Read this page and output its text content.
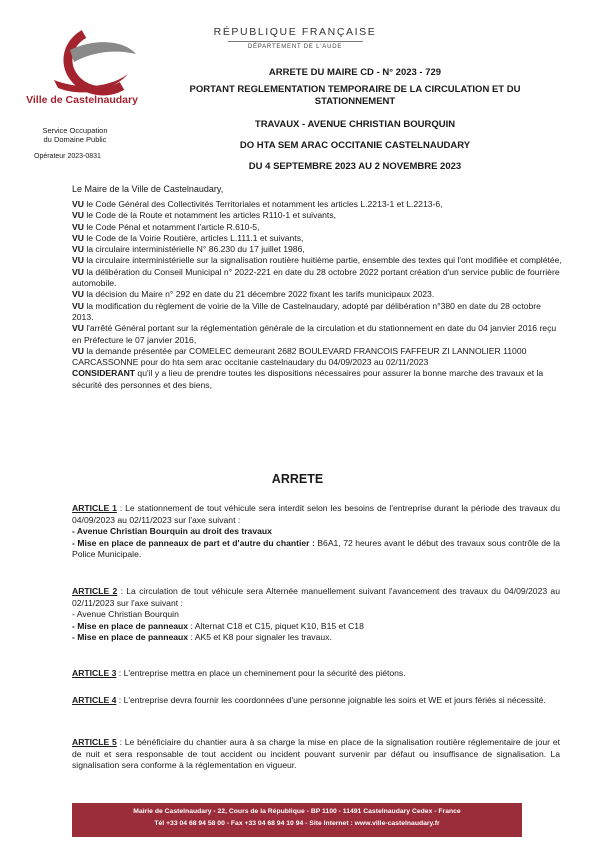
Ville de Castelnaudary
Service Occupation
du Domaine Public
Opérateur 2023-0831
RÉPUBLIQUE FRANÇAISE
DÉPARTEMENT DE L'AUDE
ARRETE DU MAIRE CD - N° 2023 - 729
PORTANT REGLEMENTATION TEMPORAIRE DE LA CIRCULATION ET DU STATIONNEMENT
TRAVAUX - AVENUE CHRISTIAN BOURQUIN
DO HTA SEM ARAC OCCITANIE CASTELNAUDARY
DU 4 SEPTEMBRE 2023 AU 2 NOVEMBRE 2023
Le Maire de la Ville de Castelnaudary,

VU le Code Général des Collectivités Territoriales et notamment les articles L.2213-1 et L.2213-6,

VU le Code de la Route et notamment les articles R110-1 et suivants,

VU le Code Pénal et notamment l'article R.610-5,

VU le Code de la Voirie Routière, articles L.111.1 et suivants,

VU la circulaire interministérielle N° 86.230 du 17 juillet 1986,

VU la circulaire interministérielle sur la signalisation routière huitième partie, ensemble des textes qui l'ont modifiée et complétée,

VU la délibération du Conseil Municipal n° 2022-221 en date du 28 octobre 2022 portant création d'un service public de fourrière automobile.

VU la décision du Maire n° 292 en date du 21 décembre 2022 fixant les tarifs municipaux 2023.

VU la modification du règlement de voirie de la Ville de Castelnaudary, adopté par délibération n°380 en date du 28 octobre 2013.

VU l'arrêté Général portant sur la réglementation générale de la circulation et du stationnement en date du 04 janvier 2016 reçu en Préfecture le 07 janvier 2016,

VU la demande présentée par COMELEC demeurant 2682 BOULEVARD FRANCOIS FAFFEUR ZI LANNOLIER 11000 CARCASSONNE pour do hta sem arac occitanie castelnaudary du 04/09/2023 au 02/11/2023

CONSIDERANT qu'il y a lieu de prendre toutes les dispositions nécessaires pour assurer la bonne marche des travaux et la sécurité des personnes et des biens,

ARRETE

ARTICLE 1 : Le stationnement de tout véhicule sera interdit selon les besoins de l'entreprise durant la période des travaux du 04/09/2023 au 02/11/2023 sur l'axe suivant :

- Avenue Christian Bourquin au droit des travaux

- Mise en place de panneaux de part et d'autre du chantier : B6A1, 72 heures avant le début des travaux sous contrôle de la Police Municipale.

ARTICLE 2 : La circulation de tout véhicule sera Alternée manuellement suivant l'avancement des travaux du 04/09/2023 au 02/11/2023 sur l'axe suivant :

- Avenue Christian Bourquin

- Mise en place de panneaux : Alternat C18 et C15, piquet K10, B15 et C18

- Mise en place de panneaux : AK5 et K8 pour signaler les travaux.

ARTICLE 3 : L'entreprise mettra en place un cheminement pour la sécurité des piétons.

ARTICLE 4 : L'entreprise devra fournir les coordonnées d'une personne joignable les soirs et WE et jours fériés si nécessité.

ARTICLE 5 : Le bénéficiaire du chantier aura à sa charge la mise en place de la signalisation routière réglementaire de jour et de nuit et sera responsable de tout accident ou incident pouvant survenir par défaut ou insuffisance de signalisation. La signalisation sera conforme à la réglementation en vigueur.

Mairie de Castelnaudary - 22, Cours de la République - BP 1100 - 11491 Castelnaudary Cedex - France
Tél +33 04 68 94 58 00 - Fax +33 04 68 94 10 94 - Site Internet : www.ville-castelnaudary.fr
